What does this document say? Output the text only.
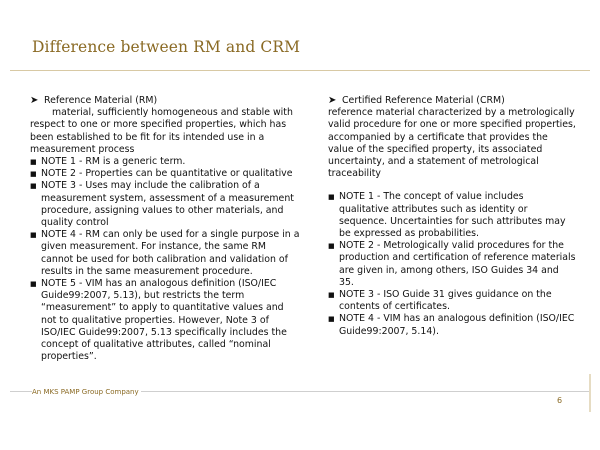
Difference between RM and CRM
➤ Reference Material (RM)

material, sufficiently homogeneous and stable with respect to one or more specified properties, which has been established to be fit for its intended use in a measurement process

■ NOTE 1 - RM is a generic term.
■ NOTE 2 - Properties can be quantitative or qualitative
■ NOTE 3 - Uses may include the calibration of a measurement system, assessment of a measurement procedure, assigning values to other materials, and quality control
■ NOTE 4 - RM can only be used for a single purpose in a given measurement. For instance, the same RM cannot be used for both calibration and validation of results in the same measurement procedure.
■ NOTE 5 - VIM has an analogous definition (ISO/IEC Guide99:2007, 5.13), but restricts the term “measurement” to apply to quantitative values and not to qualitative properties. However, Note 3 of ISO/IEC Guide99:2007, 5.13 specifically includes the concept of qualitative attributes, called “nominal properties”.
➤ Certified Reference Material (CRM)

reference material characterized by a metrologically valid procedure for one or more specified properties, accompanied by a certificate that provides the value of the specified property, its associated uncertainty, and a statement of metrological traceability

■ NOTE 1 - The concept of value includes qualitative attributes such as identity or sequence. Uncertainties for such attributes may be expressed as probabilities.
■ NOTE 2 - Metrologically valid procedures for the production and certification of reference materials are given in, among others, ISO Guides 34 and 35.
■ NOTE 3 - ISO Guide 31 gives guidance on the contents of certificates.
■ NOTE 4 - VIM has an analogous definition (ISO/IEC Guide99:2007, 5.14).
An MKS PAMP Group Company
6
